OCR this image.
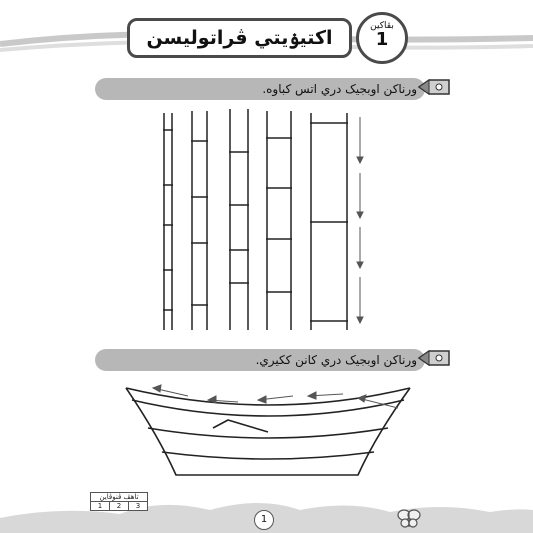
اکتيۏيتي ڤراتوليسن
بڤاکين
1
ورناکن اوبجيک دري اتس کباوه.
ورناکن اوبجيک دري کانن ککيري.
تاهڤ ڤنوڤاين
1	2	3
1
